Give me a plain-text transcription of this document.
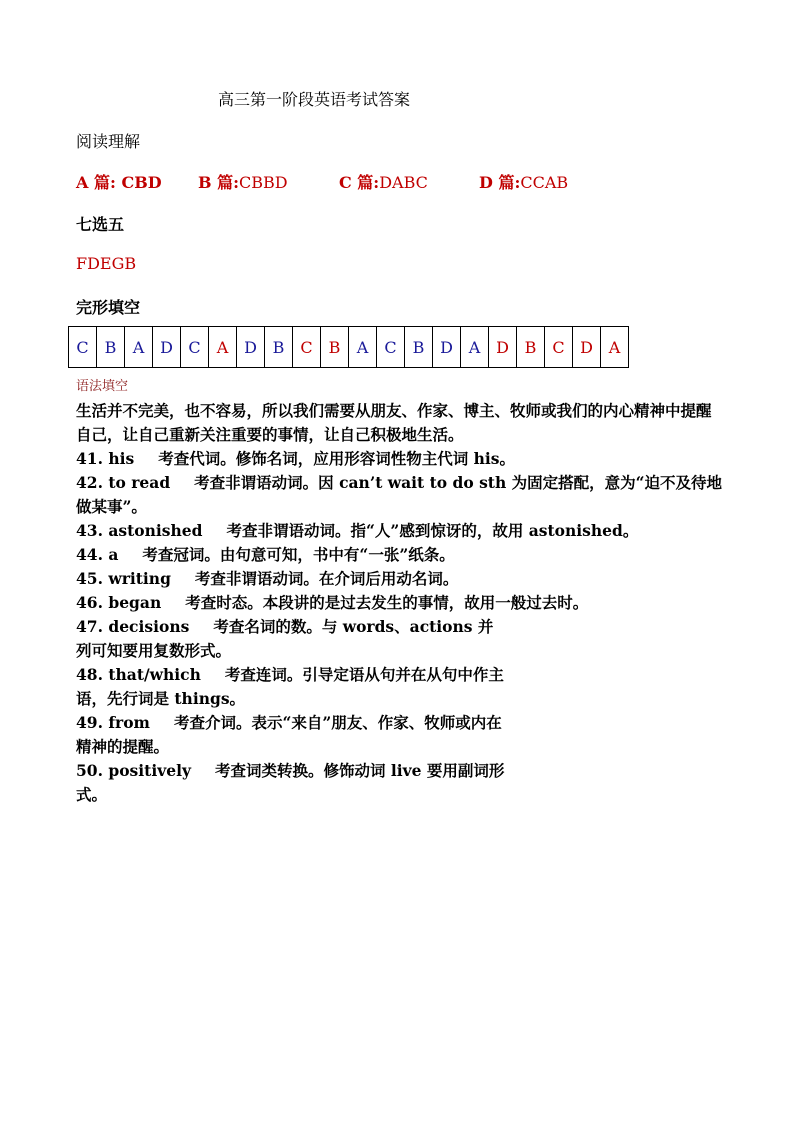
高三第一阶段英语考试答案
阅读理解
A 篇: CBD B 篇:CBBD	C 篇:DABC	D 篇:CCAB
七选五
FDEGB
完形填空
C	B	A	D	C	A	D	B	C	B	A	C	B	D	A	D	B	C	D	A
语法填空

生活并不完美，也不容易，所以我们需要从朋友、作家、博主、牧师或我们的内心精神中提醒自己，让自己重新关注重要的事情，让自己积极地生活。

41. his 考查代词。修饰名词，应用形容词性物主代词 his。

42. to read 考查非谓语动词。因 can’t wait to do sth 为固定搭配，意为“迫不及待地做某事”。

43. astonished 考查非谓语动词。指“人”感到惊讶的，故用 astonished。

44. a 考查冠词。由句意可知，书中有“一张”纸条。

45. writing 考查非谓语动词。在介词后用动名词。

46. began 考查时态。本段讲的是过去发生的事情，故用一般过去时。

47. decisions 考查名词的数。与 words、actions 并列可知要用复数形式。

48. that/which 考查连词。引导定语从句并在从句中作主语，先行词是 things。

49. from 考查介词。表示“来自”朋友、作家、牧师或内在精神的提醒。

50. positively 考查词类转换。修饰动词 live 要用副词形式。
